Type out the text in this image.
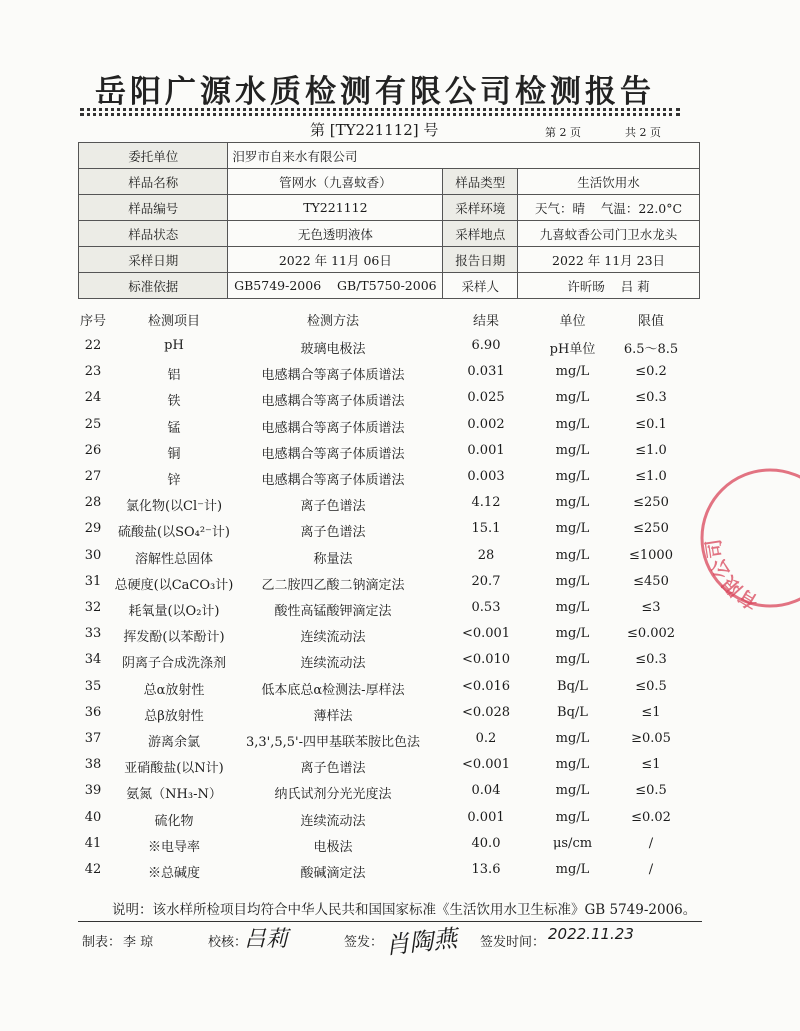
岳阳广源水质检测有限公司检测报告
第 [TY221112] 号	第 2 页	共 2 页
委托单位	汨罗市自来水有限公司		
样品名称	管网水（九喜蚊香）	样品类型	生活饮用水
样品编号	TY221112	采样环境	天气：晴    气温：22.0°C
样品状态	无色透明液体	采样地点	九喜蚊香公司门卫水龙头
采样日期	2022 年 11月 06日	报告日期	2022 年 11月 23日
标准依据	GB5749-2006    GB/T5750-2006	采样人	许昕旸    吕 莉
序号	检测项目	检测方法	结果	单位	限值
22	pH	玻璃电极法	6.90	pH单位	6.5～8.5
23	铝	电感耦合等离子体质谱法	0.031	mg/L	≤0.2
24	铁	电感耦合等离子体质谱法	0.025	mg/L	≤0.3
25	锰	电感耦合等离子体质谱法	0.002	mg/L	≤0.1
26	铜	电感耦合等离子体质谱法	0.001	mg/L	≤1.0
27	锌	电感耦合等离子体质谱法	0.003	mg/L	≤1.0
28	氯化物(以Cl⁻计)	离子色谱法	4.12	mg/L	≤250
29	硫酸盐(以SO₄²⁻计)	离子色谱法	15.1	mg/L	≤250
30	溶解性总固体	称量法	28	mg/L	≤1000
31	总硬度(以CaCO₃计)	乙二胺四乙酸二钠滴定法	20.7	mg/L	≤450
32	耗氧量(以O₂计)	酸性高锰酸钾滴定法	0.53	mg/L	≤3
33	挥发酚(以苯酚计)	连续流动法	<0.001	mg/L	≤0.002
34	阴离子合成洗涤剂	连续流动法	<0.010	mg/L	≤0.3
35	总α放射性	低本底总α检测法-厚样法	<0.016	Bq/L	≤0.5
36	总β放射性	薄样法	<0.028	Bq/L	≤1
37	游离余氯	3,3',5,5'-四甲基联苯胺比色法	0.2	mg/L	≥0.05
38	亚硝酸盐(以N计)	离子色谱法	<0.001	mg/L	≤1
39	氨氮（NH₃-N）	纳氏试剂分光光度法	0.04	mg/L	≤0.5
40	硫化物	连续流动法	0.001	mg/L	≤0.02
41	※电导率	电极法	40.0	μs/cm	/
42	※总碱度	酸碱滴定法	13.6	mg/L	/
说明：该水样所检项目均符合中华人民共和国国家标准《生活饮用水卫生标准》GB 5749-2006。
制表： 李 琼	校核：
吕莉	签发： 肖陶燕 签发时间： 2022.11.23
有限公司
